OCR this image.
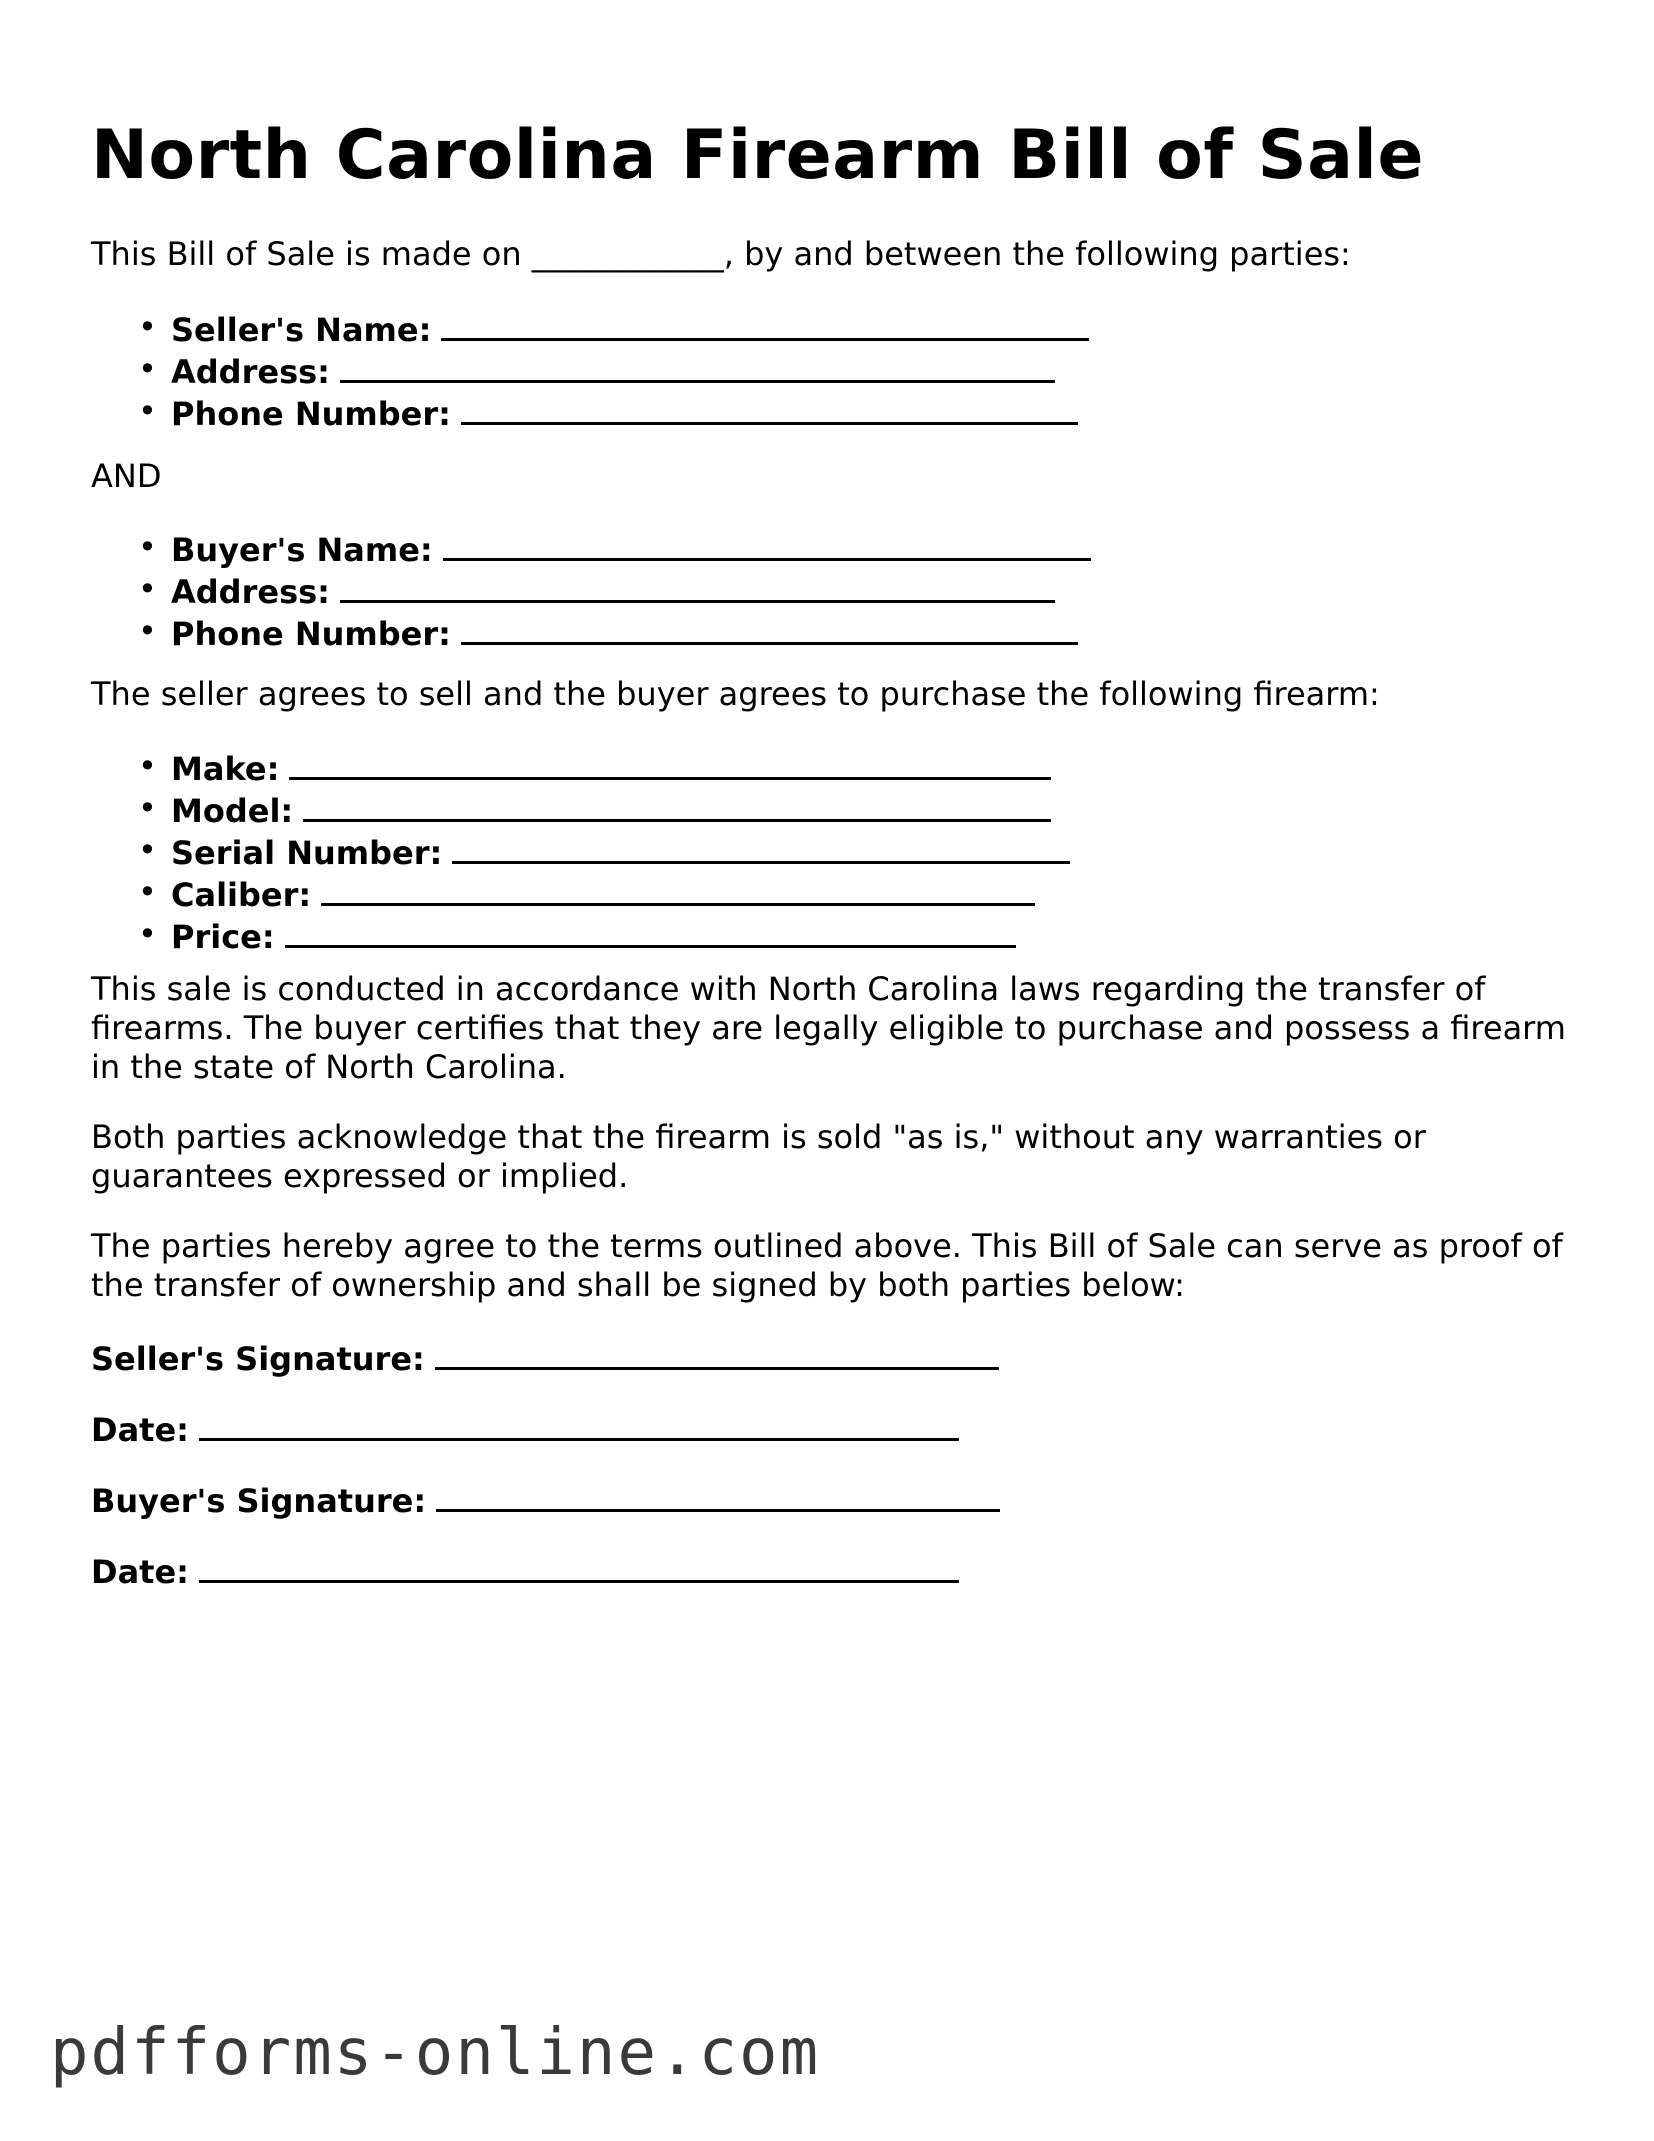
North Carolina Firearm Bill of Sale

This Bill of Sale is made on ____________, by and between the following parties:

• Seller's Name:
• Address:
• Phone Number:

AND

• Buyer's Name:
• Address:
• Phone Number:

The seller agrees to sell and the buyer agrees to purchase the following firearm:

• Make:
• Model:
• Serial Number:
• Caliber:
• Price:

This sale is conducted in accordance with North Carolina laws regarding the transfer of firearms. The buyer certifies that they are legally eligible to purchase and possess a firearm in the state of North Carolina.

Both parties acknowledge that the firearm is sold "as is," without any warranties or guarantees expressed or implied.

The parties hereby agree to the terms outlined above. This Bill of Sale can serve as proof of the transfer of ownership and shall be signed by both parties below:

Seller's Signature:

Date:

Buyer's Signature:

Date:

pdfforms-online.com
